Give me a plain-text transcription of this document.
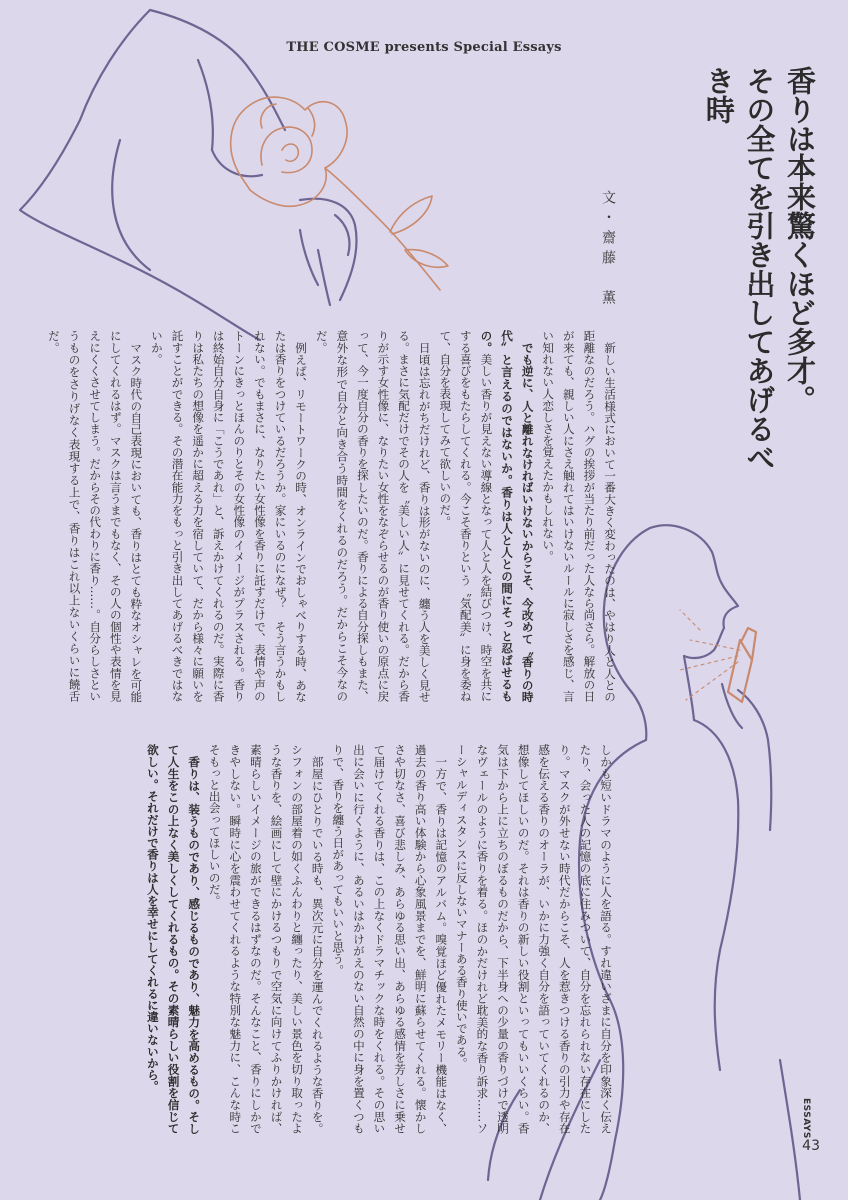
THE COSME presents Special Essays
香りは本来驚くほど多才。
その全てを引き出してあげるべき時
文・齋藤　薫

新しい生活様式において一番大きく変わったのは、やはり人と人との距離なのだろう。ハグの挨拶が当たり前だった人なら尚さら。解放の日が来ても、親しい人にさえ触れてはいけないルールに寂しさを感じ、言い知れない人恋しさを覚えたかもしれない。

でも逆に、人と離れなければいけないからこそ、今改めて〝香りの時代〟と言えるのではないか。香りは人と人との間にそっと忍ばせるもの。美しい香りが見えない導線となって人と人を結びつけ、時空を共にする喜びをもたらしてくれる。今こそ香りという〝気配美〟に身を委ねて、自分を表現してみて欲しいのだ。

日頃は忘れがちだけれど、香りは形がないのに、纏う人を美しく見せる。まさに気配だけでその人を〝美しい人〟に見せてくれる。だから香りが示す女性像に、なりたい女性をなぞらせるのが香り使いの原点に戻って、今一度自分の香りを探したいのだ。香りによる自分探しもまた、意外な形で自分と向き合う時間をくれるのだろう。だからこそ今なのだ。

例えば、リモートワークの時、オンラインでおしゃべりする時、あなたは香りをつけているだろうか。家にいるのになぜ？　そう言うかもしれない。でもまさに、なりたい女性像を香りに託すだけで、表情や声のトーンにきっとほんのりとその女性像のイメージがプラスされる。香りは終始自分自身に「こうであれ」と、訴えかけてくれるのだ。実際に香りは私たちの想像を遥かに超える力を宿していて、だから様々に願いを託すことができる。その潜在能力をもっと引き出してあげるべきではないか。

マスク時代の自己表現においても、香りはとても粋なオシャレを可能にしてくれるはず。マスクは言うまでもなく、その人の個性や表情を見えにくくさせてしまう。だからその代わりに香り……。自分らしさというものをさりげなく表現する上で、香りはこれ以上ないくらいに饒舌だ。

しかも短いドラマのように人を語る。すれ違いざまに自分を印象深く伝えたり、会った人の記憶の底に住みついて、自分を忘れられない存在にしたり。マスクが外せない時代だからこそ、人を惹きつける香りの引力や存在感を伝える香りのオーラが、いかに力強く自分を語っていてくれるのか、想像してほしいのだ。それは香りの新しい役割といってもいいくらい。香気は下から上に立ちのぼるものだから、下半身への少量の香りづけで透明なヴェールのように香りを着る。ほのかだけれど耽美的な香り訴求……ソーシャルディスタンスに反しないマナーある香り使いである。

一方で、香りは記憶のアルバム。嗅覚ほど優れたメモリー機能はなく、過去の香り高い体験から心象風景までを、鮮明に蘇らせてくれる。懐かしさや切なさ、喜び悲しみ、あらゆる思い出、あらゆる感情を芳しさに乗せて届けてくれる香りは、この上なくドラマチックな時をくれる。その思い出に会いに行くように、あるいはかけがえのない自然の中に身を置くつもりで、香りを纏う日があってもいいと思う。

部屋にひとりでいる時も、異次元に自分を運んでくれるような香りを。シフォンの部屋着の如くふんわりと纏ったり、美しい景色を切り取ったような香りを、絵画にして壁にかけるつもりで空気に向けてふりかければ、素晴らしいイメージの旅ができるはずなのだ。そんなこと、香りにしかできやしない。瞬時に心を震わせてくれるような特別な魅力に、こんな時こそもっと出会ってほしいのだ。

香りは、装うものであり、感じるものであり、魅力を高めるもの。そして人生をこの上なく美しくしてくれるもの。その素晴らしい役割を信じて欲しい。それだけで香りは人を幸せにしてくれるに違いないから。

ESSAYS
43
